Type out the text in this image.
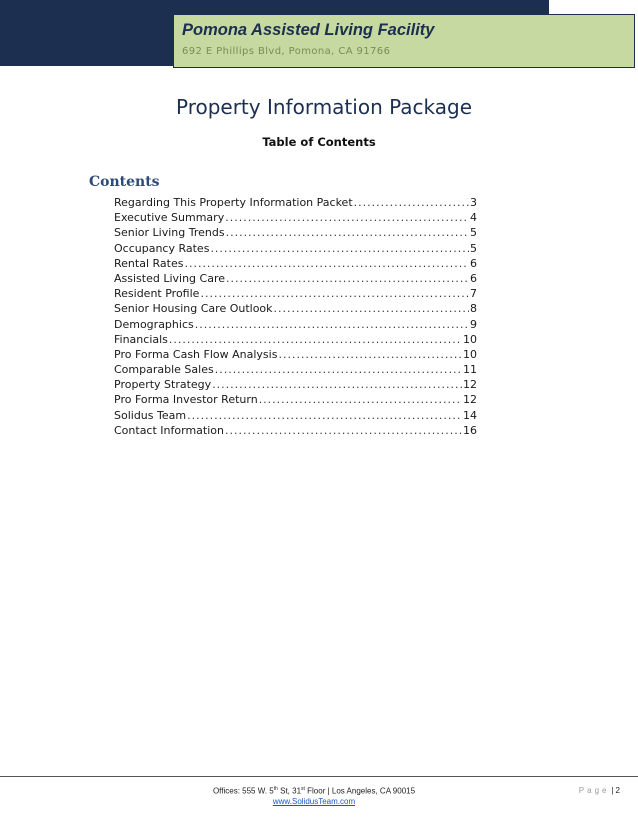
Pomona Assisted Living Facility
692 E Phillips Blvd, Pomona, CA 91766
Property Information Package
Table of Contents
Contents
Regarding This Property Information Packet .....	3
Executive Summary .....	4
Senior Living Trends .....	5
Occupancy Rates .....	5
Rental Rates .....	6
Assisted Living Care .....	6
Resident Profile .....	7
Senior Housing Care Outlook .....	8
Demographics .....	9
Financials .....	10
Pro Forma Cash Flow Analysis .....	10
Comparable Sales .....	11
Property Strategy .....	12
Pro Forma Investor Return .....	12
Solidus Team .....	14
Contact Information .....	16
Offices: 555 W. 5th St, 31st Floor | Los Angeles, CA 90015
www.SolidusTeam.com
Page | 2
